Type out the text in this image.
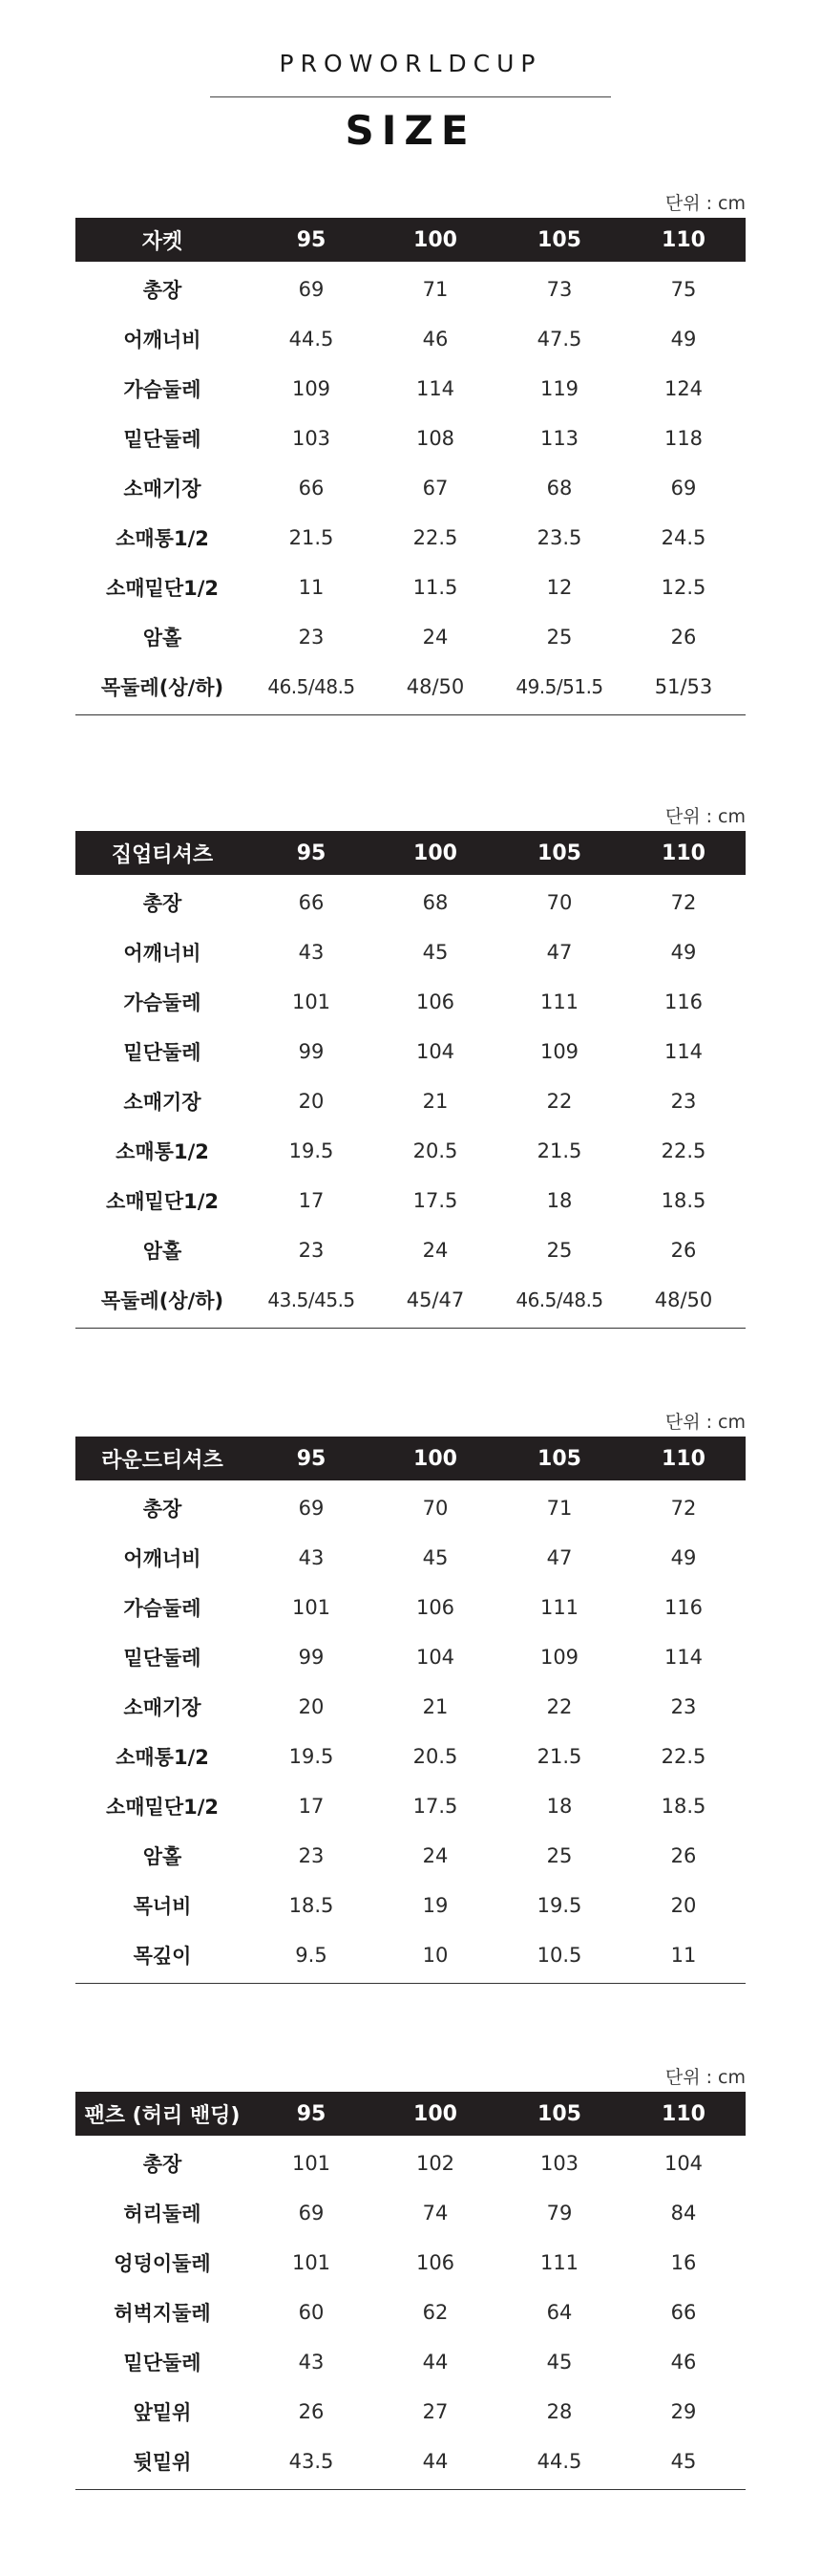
PROWORLDCUP
SIZE
단위 : cm
자켓	95	100	105	110
총장	69	71	73	75
어깨너비	44.5	46	47.5	49
가슴둘레	109	114	119	124
밑단둘레	103	108	113	118
소매기장	66	67	68	69
소매통1/2	21.5	22.5	23.5	24.5
소매밑단1/2	11	11.5	12	12.5
암홀	23	24	25	26
목둘레(상/하)	46.5/48.5	48/50	49.5/51.5	51/53
단위 : cm
집업티셔츠	95	100	105	110
총장	66	68	70	72
어깨너비	43	45	47	49
가슴둘레	101	106	111	116
밑단둘레	99	104	109	114
소매기장	20	21	22	23
소매통1/2	19.5	20.5	21.5	22.5
소매밑단1/2	17	17.5	18	18.5
암홀	23	24	25	26
목둘레(상/하)	43.5/45.5	45/47	46.5/48.5	48/50
단위 : cm
라운드티셔츠	95	100	105	110
총장	69	70	71	72
어깨너비	43	45	47	49
가슴둘레	101	106	111	116
밑단둘레	99	104	109	114
소매기장	20	21	22	23
소매통1/2	19.5	20.5	21.5	22.5
소매밑단1/2	17	17.5	18	18.5
암홀	23	24	25	26
목너비	18.5	19	19.5	20
목깊이	9.5	10	10.5	11
단위 : cm
팬츠 (허리 밴딩)	95	100	105	110
총장	101	102	103	104
허리둘레	69	74	79	84
엉덩이둘레	101	106	111	16
허벅지둘레	60	62	64	66
밑단둘레	43	44	45	46
앞밑위	26	27	28	29
뒷밑위	43.5	44	44.5	45
